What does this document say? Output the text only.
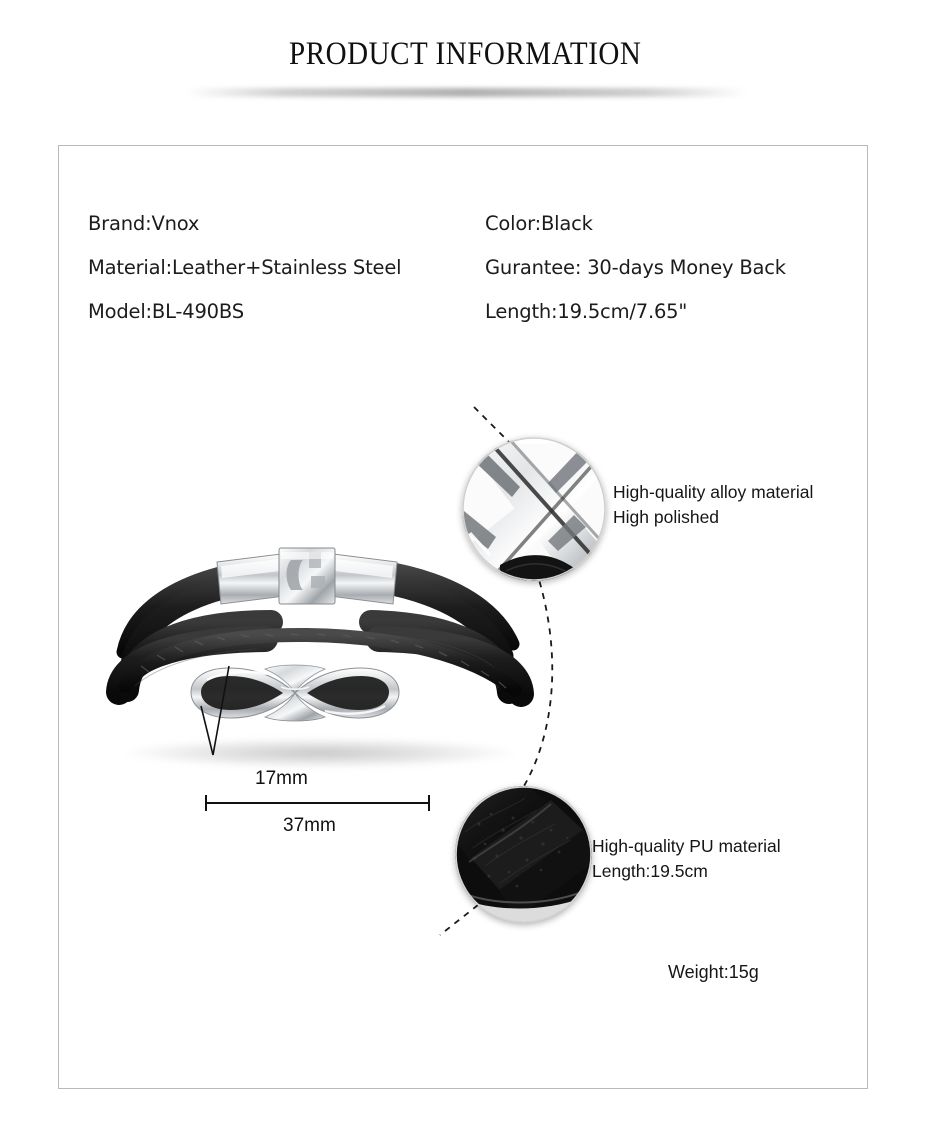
PRODUCT INFORMATION
Brand:Vnox
Material:Leather+Stainless Steel
Model:BL-490BS
Color:Black
Gurantee: 30-days Money Back
Length:19.5cm/7.65"
17mm
37mm
High-quality alloy material
High polished
High-quality PU material
Length:19.5cm
Weight:15g
